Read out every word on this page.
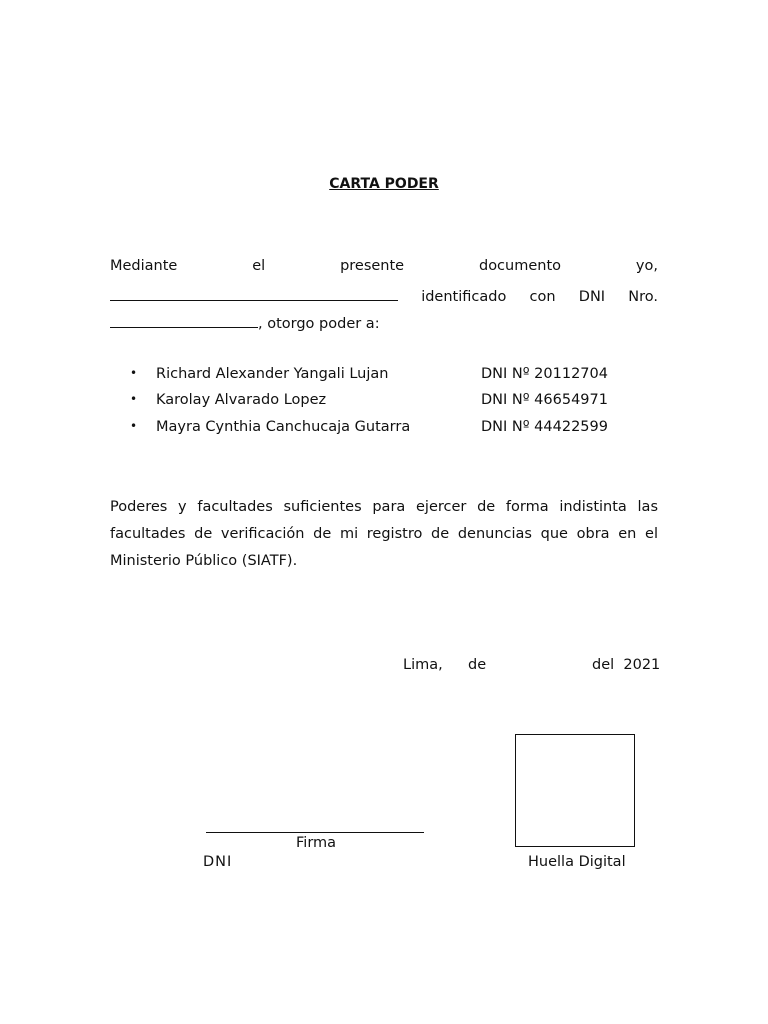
CARTA PODER
Mediante	el	presente	documento	yo,
identificado con DNI Nro.
, otorgo poder a:
• Richard Alexander Yangali Lujan	DNI Nº 20112704
• Karolay Alvarado Lopez	DNI Nº 46654971
• Mayra Cynthia Canchucaja Gutarra	DNI Nº 44422599
Poderes y facultades suficientes para ejercer de forma indistinta las
facultades de verificación de mi registro de denuncias que obra en el
Ministerio Público (SIATF).
Lima, de	del  2021
Firma
DNI	Huella Digital
